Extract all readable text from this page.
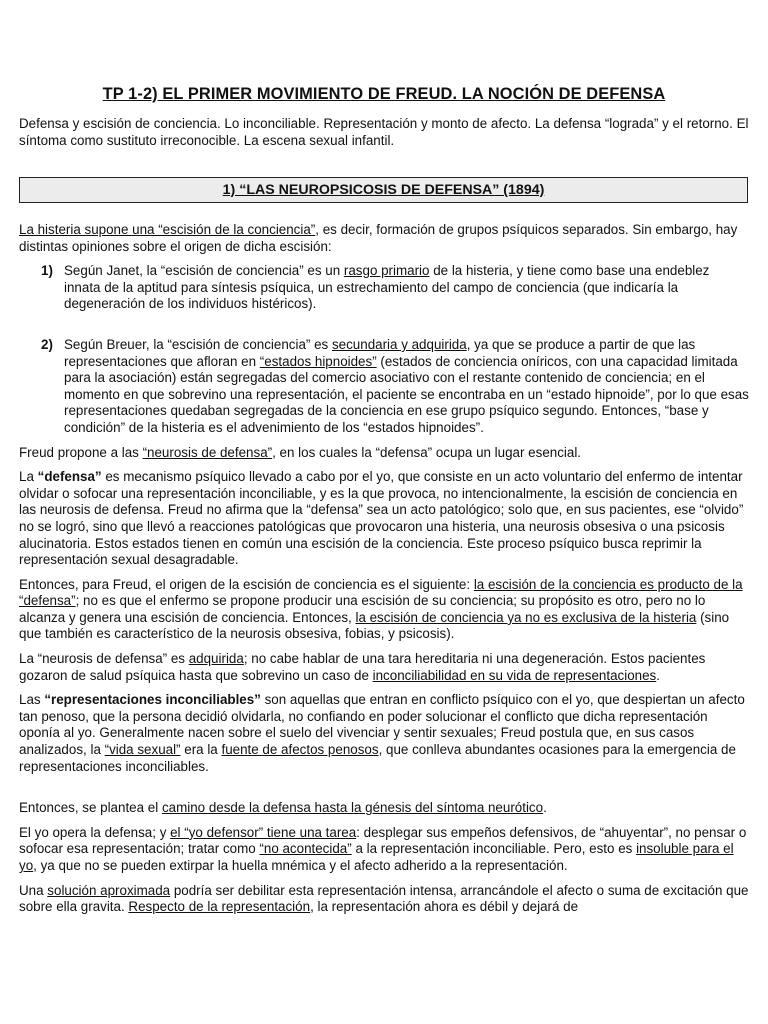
TP 1-2) EL PRIMER MOVIMIENTO DE FREUD. LA NOCIÓN DE DEFENSA

Defensa y escisión de conciencia. Lo inconciliable. Representación y monto de afecto. La defensa “lograda” y el retorno. El síntoma como sustituto irreconocible. La escena sexual infantil.

1) “LAS NEUROPSICOSIS DE DEFENSA” (1894)

La histeria supone una “escisión de la conciencia”, es decir, formación de grupos psíquicos separados. Sin embargo, hay distintas opiniones sobre el origen de dicha escisión:

1) Según Janet, la “escisión de conciencia” es un rasgo primario de la histeria, y tiene como base una endeblez innata de la aptitud para síntesis psíquica, un estrechamiento del campo de conciencia (que indicaría la degeneración de los individuos histéricos).
2) Según Breuer, la “escisión de conciencia” es secundaria y adquirida, ya que se produce a partir de que las representaciones que afloran en “estados hipnoides” (estados de conciencia oníricos, con una capacidad limitada para la asociación) están segregadas del comercio asociativo con el restante contenido de conciencia; en el momento en que sobrevino una representación, el paciente se encontraba en un “estado hipnoide”, por lo que esas representaciones quedaban segregadas de la conciencia en ese grupo psíquico segundo. Entonces, “base y condición” de la histeria es el advenimiento de los “estados hipnoides”.

Freud propone a las “neurosis de defensa”, en los cuales la “defensa” ocupa un lugar esencial.

La “defensa” es mecanismo psíquico llevado a cabo por el yo, que consiste en un acto voluntario del enfermo de intentar olvidar o sofocar una representación inconciliable, y es la que provoca, no intencionalmente, la escisión de conciencia en las neurosis de defensa. Freud no afirma que la “defensa” sea un acto patológico; solo que, en sus pacientes, ese “olvido” no se logró, sino que llevó a reacciones patológicas que provocaron una histeria, una neurosis obsesiva o una psicosis alucinatoria. Estos estados tienen en común una escisión de la conciencia. Este proceso psíquico busca reprimir la representación sexual desagradable.

Entonces, para Freud, el origen de la escisión de conciencia es el siguiente: la escisión de la conciencia es producto de la “defensa”; no es que el enfermo se propone producir una escisión de su conciencia; su propósito es otro, pero no lo alcanza y genera una escisión de conciencia. Entonces, la escisión de conciencia ya no es exclusiva de la histeria (sino que también es característico de la neurosis obsesiva, fobias, y psicosis).

La “neurosis de defensa” es adquirida; no cabe hablar de una tara hereditaria ni una degeneración. Estos pacientes gozaron de salud psíquica hasta que sobrevino un caso de inconciliabilidad en su vida de representaciones.

Las “representaciones inconciliables” son aquellas que entran en conflicto psíquico con el yo, que despiertan un afecto tan penoso, que la persona decidió olvidarla, no confiando en poder solucionar el conflicto que dicha representación oponía al yo. Generalmente nacen sobre el suelo del vivenciar y sentir sexuales; Freud postula que, en sus casos analizados, la “vida sexual” era la fuente de afectos penosos, que conlleva abundantes ocasiones para la emergencia de representaciones inconciliables.

Entonces, se plantea el camino desde la defensa hasta la génesis del síntoma neurótico.

El yo opera la defensa; y el “yo defensor” tiene una tarea: desplegar sus empeños defensivos, de “ahuyentar”, no pensar o sofocar esa representación; tratar como “no acontecida” a la representación inconciliable. Pero, esto es insoluble para el yo, ya que no se pueden extirpar la huella mnémica y el afecto adherido a la representación.

Una solución aproximada podría ser debilitar esta representación intensa, arrancándole el afecto o suma de excitación que sobre ella gravita. Respecto de la representación, la representación ahora es débil y dejará de
